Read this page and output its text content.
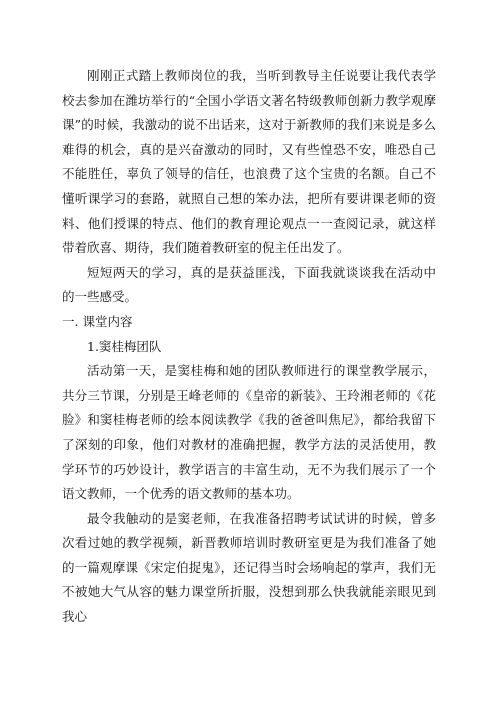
刚刚正式踏上教师岗位的我，当听到教导主任说要让我代表学校去参加在潍坊举行的“全国小学语文著名特级教师创新力教学观摩课”的时候，我激动的说不出话来，这对于新教师的我们来说是多么难得的机会，真的是兴奋激动的同时，又有些惶恐不安，唯恐自己不能胜任，辜负了领导的信任，也浪费了这个宝贵的名额。自己不懂听课学习的套路，就照自己想的笨办法，把所有要讲课老师的资料、他们授课的特点、他们的教育理论观点一一查阅记录，就这样带着欣喜、期待，我们随着教研室的倪主任出发了。

短短两天的学习，真的是获益匪浅，下面我就谈谈我在活动中的一些感受。

一. 课堂内容

1.窦桂梅团队

活动第一天，是窦桂梅和她的团队教师进行的课堂教学展示，共分三节课，分别是王峰老师的《皇帝的新装》、王玲湘老师的《花脸》和窦桂梅老师的绘本阅读教学《我的爸爸叫焦尼》，都给我留下了深刻的印象，他们对教材的准确把握，教学方法的灵活使用，教学环节的巧妙设计，教学语言的丰富生动，无不为我们展示了一个语文教师，一个优秀的语文教师的基本功。

最令我触动的是窦老师，在我准备招聘考试试讲的时候，曾多次看过她的教学视频，新晋教师培训时教研室更是为我们准备了她的一篇观摩课《宋定伯捉鬼》，还记得当时会场响起的掌声，我们无不被她大气从容的魅力课堂所折服，没想到那么快我就能亲眼见到我心
